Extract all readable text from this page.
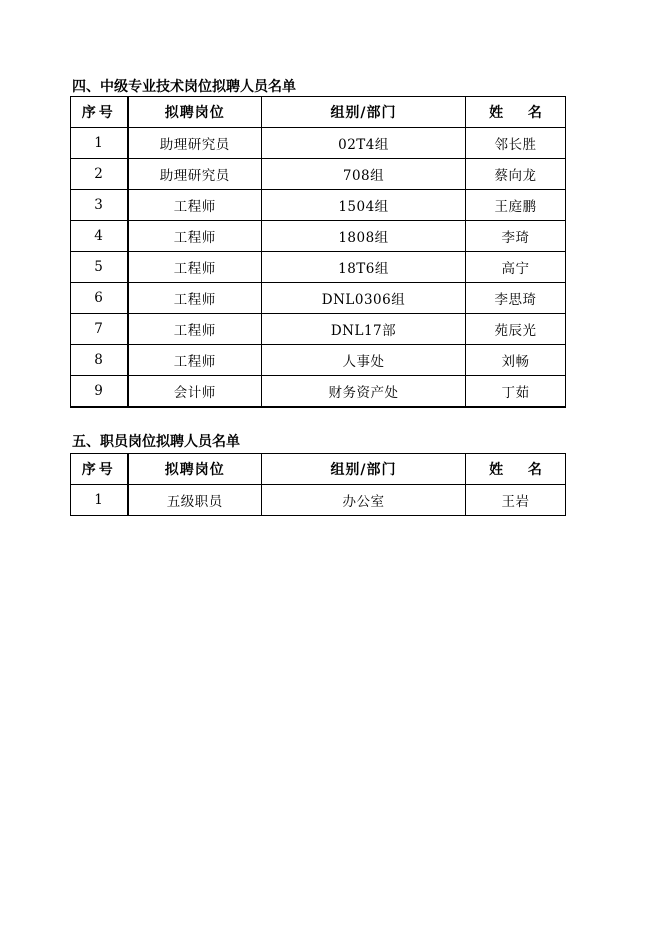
四、中级专业技术岗位拟聘人员名单
序号	拟聘岗位	组别/部门	姓 名
1	助理研究员	02T4组	邻长胜
2	助理研究员	708组	蔡向龙
3	工程师	1504组	王庭鹏
4	工程师	1808组	李琦
5	工程师	18T6组	高宁
6	工程师	DNL0306组	李思琦
7	工程师	DNL17部	苑辰光
8	工程师	人事处	刘畅
9	会计师	财务资产处	丁茹
五、职员岗位拟聘人员名单
序号	拟聘岗位	组别/部门	姓 名
1	五级职员	办公室	王岩
